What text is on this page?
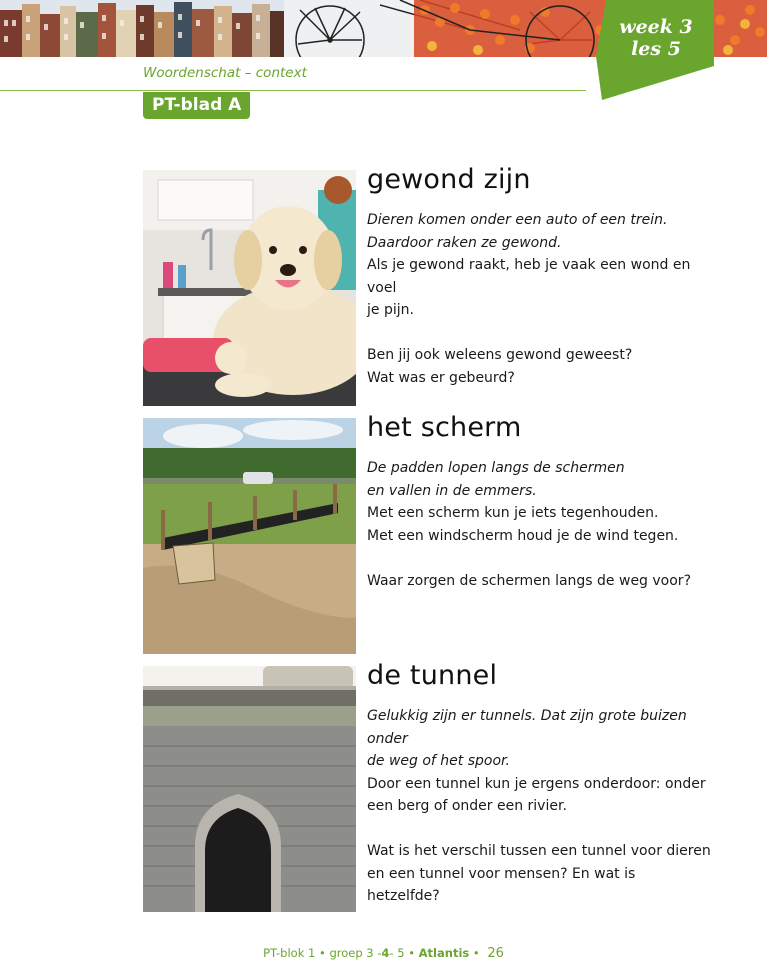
week 3
les 5
Woordenschat – context
PT-blad A
gewond zijn
Dieren komen onder een auto of een trein.
Daardoor raken ze gewond.
Als je gewond raakt, heb je vaak een wond en voel
je pijn.
Ben jij ook weleens gewond geweest?
Wat was er gebeurd?
het scherm
De padden lopen langs de schermen
en vallen in de emmers.
Met een scherm kun je iets tegenhouden.
Met een windscherm houd je de wind tegen.
Waar zorgen de schermen langs de weg voor?
de tunnel
Gelukkig zijn er tunnels. Dat zijn grote buizen onder
de weg of het spoor.
Door een tunnel kun je ergens onderdoor: onder
een berg of onder een rivier.
Wat is het verschil tussen een tunnel voor dieren
en een tunnel voor mensen? En wat is hetzelfde?
PT-blok 1 • groep 3 -4- 5 • Atlantis • 26
